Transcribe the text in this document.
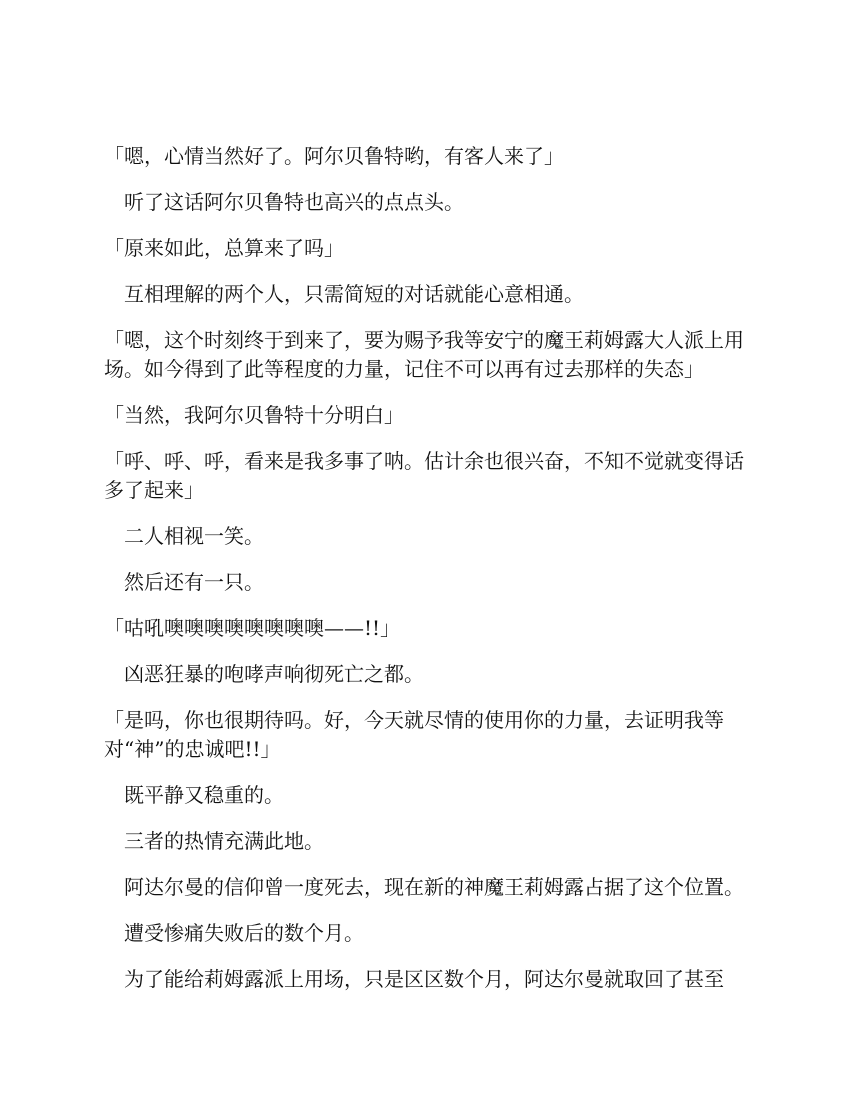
「嗯，心情当然好了。阿尔贝鲁特哟，有客人来了」

听了这话阿尔贝鲁特也高兴的点点头。

「原来如此，总算来了吗」

互相理解的两个人，只需简短的对话就能心意相通。

「嗯，这个时刻终于到来了，要为赐予我等安宁的魔王莉姆露大人派上用场。如今得到了此等程度的力量，记住不可以再有过去那样的失态」

「当然，我阿尔贝鲁特十分明白」

「呼、呼、呼，看来是我多事了呐。估计余也很兴奋，不知不觉就变得话多了起来」

二人相视一笑。

然后还有一只。

「咕吼噢噢噢噢噢噢噢噢——!!」

凶恶狂暴的咆哮声响彻死亡之都。

「是吗，你也很期待吗。好，今天就尽情的使用你的力量，去证明我等对“神”的忠诚吧!!」

既平静又稳重的。

三者的热情充满此地。

阿达尔曼的信仰曾一度死去，现在新的神魔王莉姆露占据了这个位置。

遭受惨痛失败后的数个月。

为了能给莉姆露派上用场，只是区区数个月，阿达尔曼就取回了甚至
